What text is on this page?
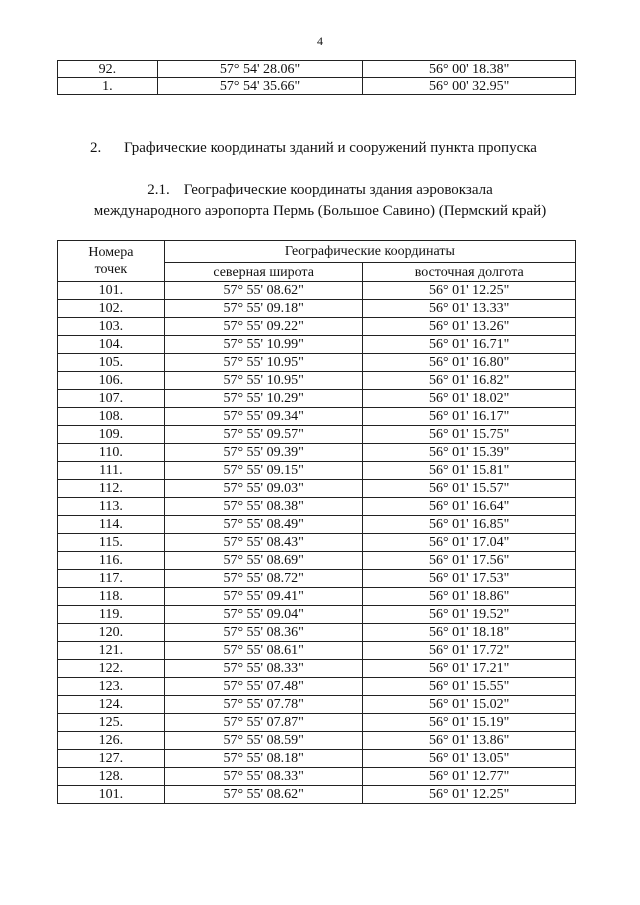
4
92.	57° 54' 28.06"	56° 00' 18.38"
1.	57° 54' 35.66"	56° 00' 32.95"
2. Графические координаты зданий и сооружений пункта пропуска
2.1. Географические координаты здания аэровокзала
международного аэропорта Пермь (Большое Савино) (Пермский край)
Номера
точек	Географические координаты	
	северная широта	восточная долгота
101.	57° 55' 08.62"	56° 01' 12.25"
102.	57° 55' 09.18"	56° 01' 13.33"
103.	57° 55' 09.22"	56° 01' 13.26"
104.	57° 55' 10.99"	56° 01' 16.71"
105.	57° 55' 10.95"	56° 01' 16.80"
106.	57° 55' 10.95"	56° 01' 16.82"
107.	57° 55' 10.29"	56° 01' 18.02"
108.	57° 55' 09.34"	56° 01' 16.17"
109.	57° 55' 09.57"	56° 01' 15.75"
110.	57° 55' 09.39"	56° 01' 15.39"
111.	57° 55' 09.15"	56° 01' 15.81"
112.	57° 55' 09.03"	56° 01' 15.57"
113.	57° 55' 08.38"	56° 01' 16.64"
114.	57° 55' 08.49"	56° 01' 16.85"
115.	57° 55' 08.43"	56° 01' 17.04"
116.	57° 55' 08.69"	56° 01' 17.56"
117.	57° 55' 08.72"	56° 01' 17.53"
118.	57° 55' 09.41"	56° 01' 18.86"
119.	57° 55' 09.04"	56° 01' 19.52"
120.	57° 55' 08.36"	56° 01' 18.18"
121.	57° 55' 08.61"	56° 01' 17.72"
122.	57° 55' 08.33"	56° 01' 17.21"
123.	57° 55' 07.48"	56° 01' 15.55"
124.	57° 55' 07.78"	56° 01' 15.02"
125.	57° 55' 07.87"	56° 01' 15.19"
126.	57° 55' 08.59"	56° 01' 13.86"
127.	57° 55' 08.18"	56° 01' 13.05"
128.	57° 55' 08.33"	56° 01' 12.77"
101.	57° 55' 08.62"	56° 01' 12.25"
